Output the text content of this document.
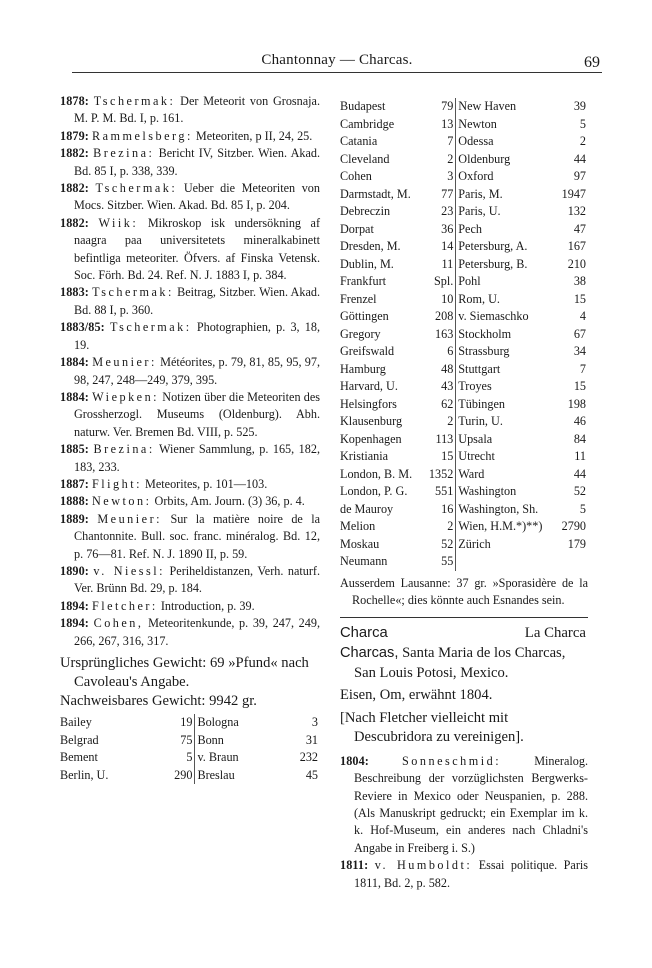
Chantonnay — Charcas.	69

1878: Tschermak: Der Meteorit von Grosnaja. M. P. M. Bd. I, p. 161.

1879: Rammelsberg: Meteoriten, p II, 24, 25.

1882: Brezina: Bericht IV, Sitzber. Wien. Akad. Bd. 85 I, p. 338, 339.

1882: Tschermak: Ueber die Meteoriten von Mocs. Sitzber. Wien. Akad. Bd. 85 I, p. 204.

1882: Wiik: Mikroskop isk undersökning af naagra paa universitetets mineralkabinett befintliga meteoriter. Öfvers. af Finska Vetensk. Soc. Förh. Bd. 24. Ref. N. J. 1883 I, p. 384.

1883: Tschermak: Beitrag, Sitzber. Wien. Akad. Bd. 88 I, p. 360.

1883/85: Tschermak: Photographien, p. 3, 18, 19.

1884: Meunier: Météorites, p. 79, 81, 85, 95, 97, 98, 247, 248—249, 379, 395.

1884: Wiepken: Notizen über die Meteoriten des Grossherzogl. Museums (Oldenburg). Abh. naturw. Ver. Bremen Bd. VIII, p. 525.

1885: Brezina: Wiener Sammlung, p. 165, 182, 183, 233.

1887: Flight: Meteorites, p. 101—103.

1888: Newton: Orbits, Am. Journ. (3) 36, p. 4.

1889: Meunier: Sur la matière noire de la Chantonnite. Bull. soc. franc. minéralog. Bd. 12, p. 76—81. Ref. N. J. 1890 II, p. 59.

1890: v. Niessl: Periheldistanzen, Verh. naturf. Ver. Brünn Bd. 29, p. 184.

1894: Fletcher: Introduction, p. 39.

1894: Cohen, Meteoritenkunde, p. 39, 247, 249, 266, 267, 316, 317.

Ursprüngliches Gewicht: 69 »Pfund« nach Cavoleau's Angabe.

Nachweisbares Gewicht: 9942 gr.

Bailey	19	Bologna	3
Belgrad	75	Bonn	31
Bement	5	v. Braun	232
Berlin, U.	290	Breslau	45
Budapest	79	New Haven	39
Cambridge	13	Newton	5
Catania	7	Odessa	2
Cleveland	2	Oldenburg	44
Cohen	3	Oxford	97
Darmstadt, M.	77	Paris, M.	1947
Debreczin	23	Paris, U.	132
Dorpat	36	Pech	47
Dresden, M.	14	Petersburg, A.	167
Dublin, M.	11	Petersburg, B.	210
Frankfurt	Spl.	Pohl	38
Frenzel	10	Rom, U.	15
Göttingen	208	v. Siemaschko	4
Gregory	163	Stockholm	67
Greifswald	6	Strassburg	34
Hamburg	48	Stuttgart	7
Harvard, U.	43	Troyes	15
Helsingfors	62	Tübingen	198
Klausenburg	2	Turin, U.	46
Kopenhagen	113	Upsala	84
Kristiania	15	Utrecht	11
London, B. M.	1352	Ward	44
London, P. G.	551	Washington	52
de Mauroy	16	Washington, Sh.	5
Melion	2	Wien, H.M.*)**)	2790
Moskau	52	Zürich	179
Neumann	55		
Ausserdem Lausanne: 37 gr. »Sporasidère de la Rochelle«; dies könnte auch Esnandes sein.
Charca	La Charca

Charcas, Santa Maria de los Charcas, San Louis Potosi, Mexico.

Eisen, Om, erwähnt 1804.

[Nach Fletcher vielleicht mit Descubridora zu vereinigen].

1804:	Sonneschmid:	Mineralog. Beschreibung der vorzüglichsten Bergwerks-Reviere in Mexico oder Neuspanien, p. 288. (Als Manuskript gedruckt; ein Exemplar im k. k. Hof-Museum, ein anderes nach Chladni's Angabe in Freiberg i. S.)

1811: v. Humboldt: Essai politique. Paris 1811, Bd. 2, p. 582.
